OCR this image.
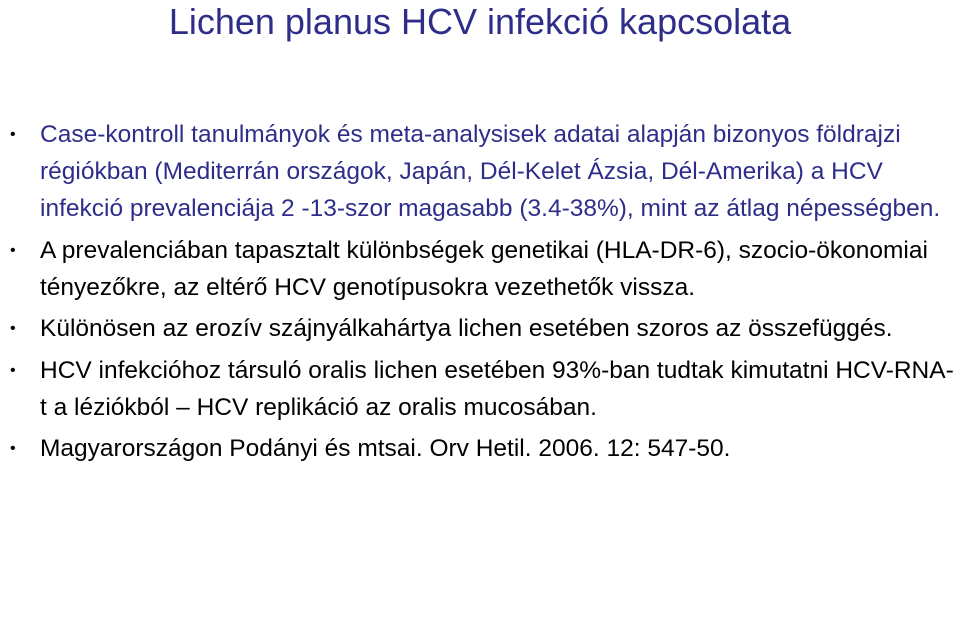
Lichen planus HCV infekció kapcsolata
• Case-kontroll tanulmányok és meta-analysisek adatai alapján bizonyos földrajzi régiókban (Mediterrán országok, Japán, Dél-Kelet Ázsia, Dél-Amerika) a HCV infekció prevalenciája 2 -13-szor magasabb (3.4-38%), mint az átlag népességben.
• A prevalenciában tapasztalt különbségek genetikai (HLA-DR-6), szocio-ökonomiai tényezőkre, az eltérő HCV genotípusokra vezethetők vissza.
• Különösen az erozív szájnyálkahártya lichen esetében szoros az összefüggés.
• HCV infekcióhoz társuló oralis lichen esetében 93%-ban tudtak kimutatni HCV-RNA-t a léziókból – HCV replikáció az oralis mucosában.
• Magyarországon Podányi és mtsai. Orv Hetil. 2006. 12: 547-50.
